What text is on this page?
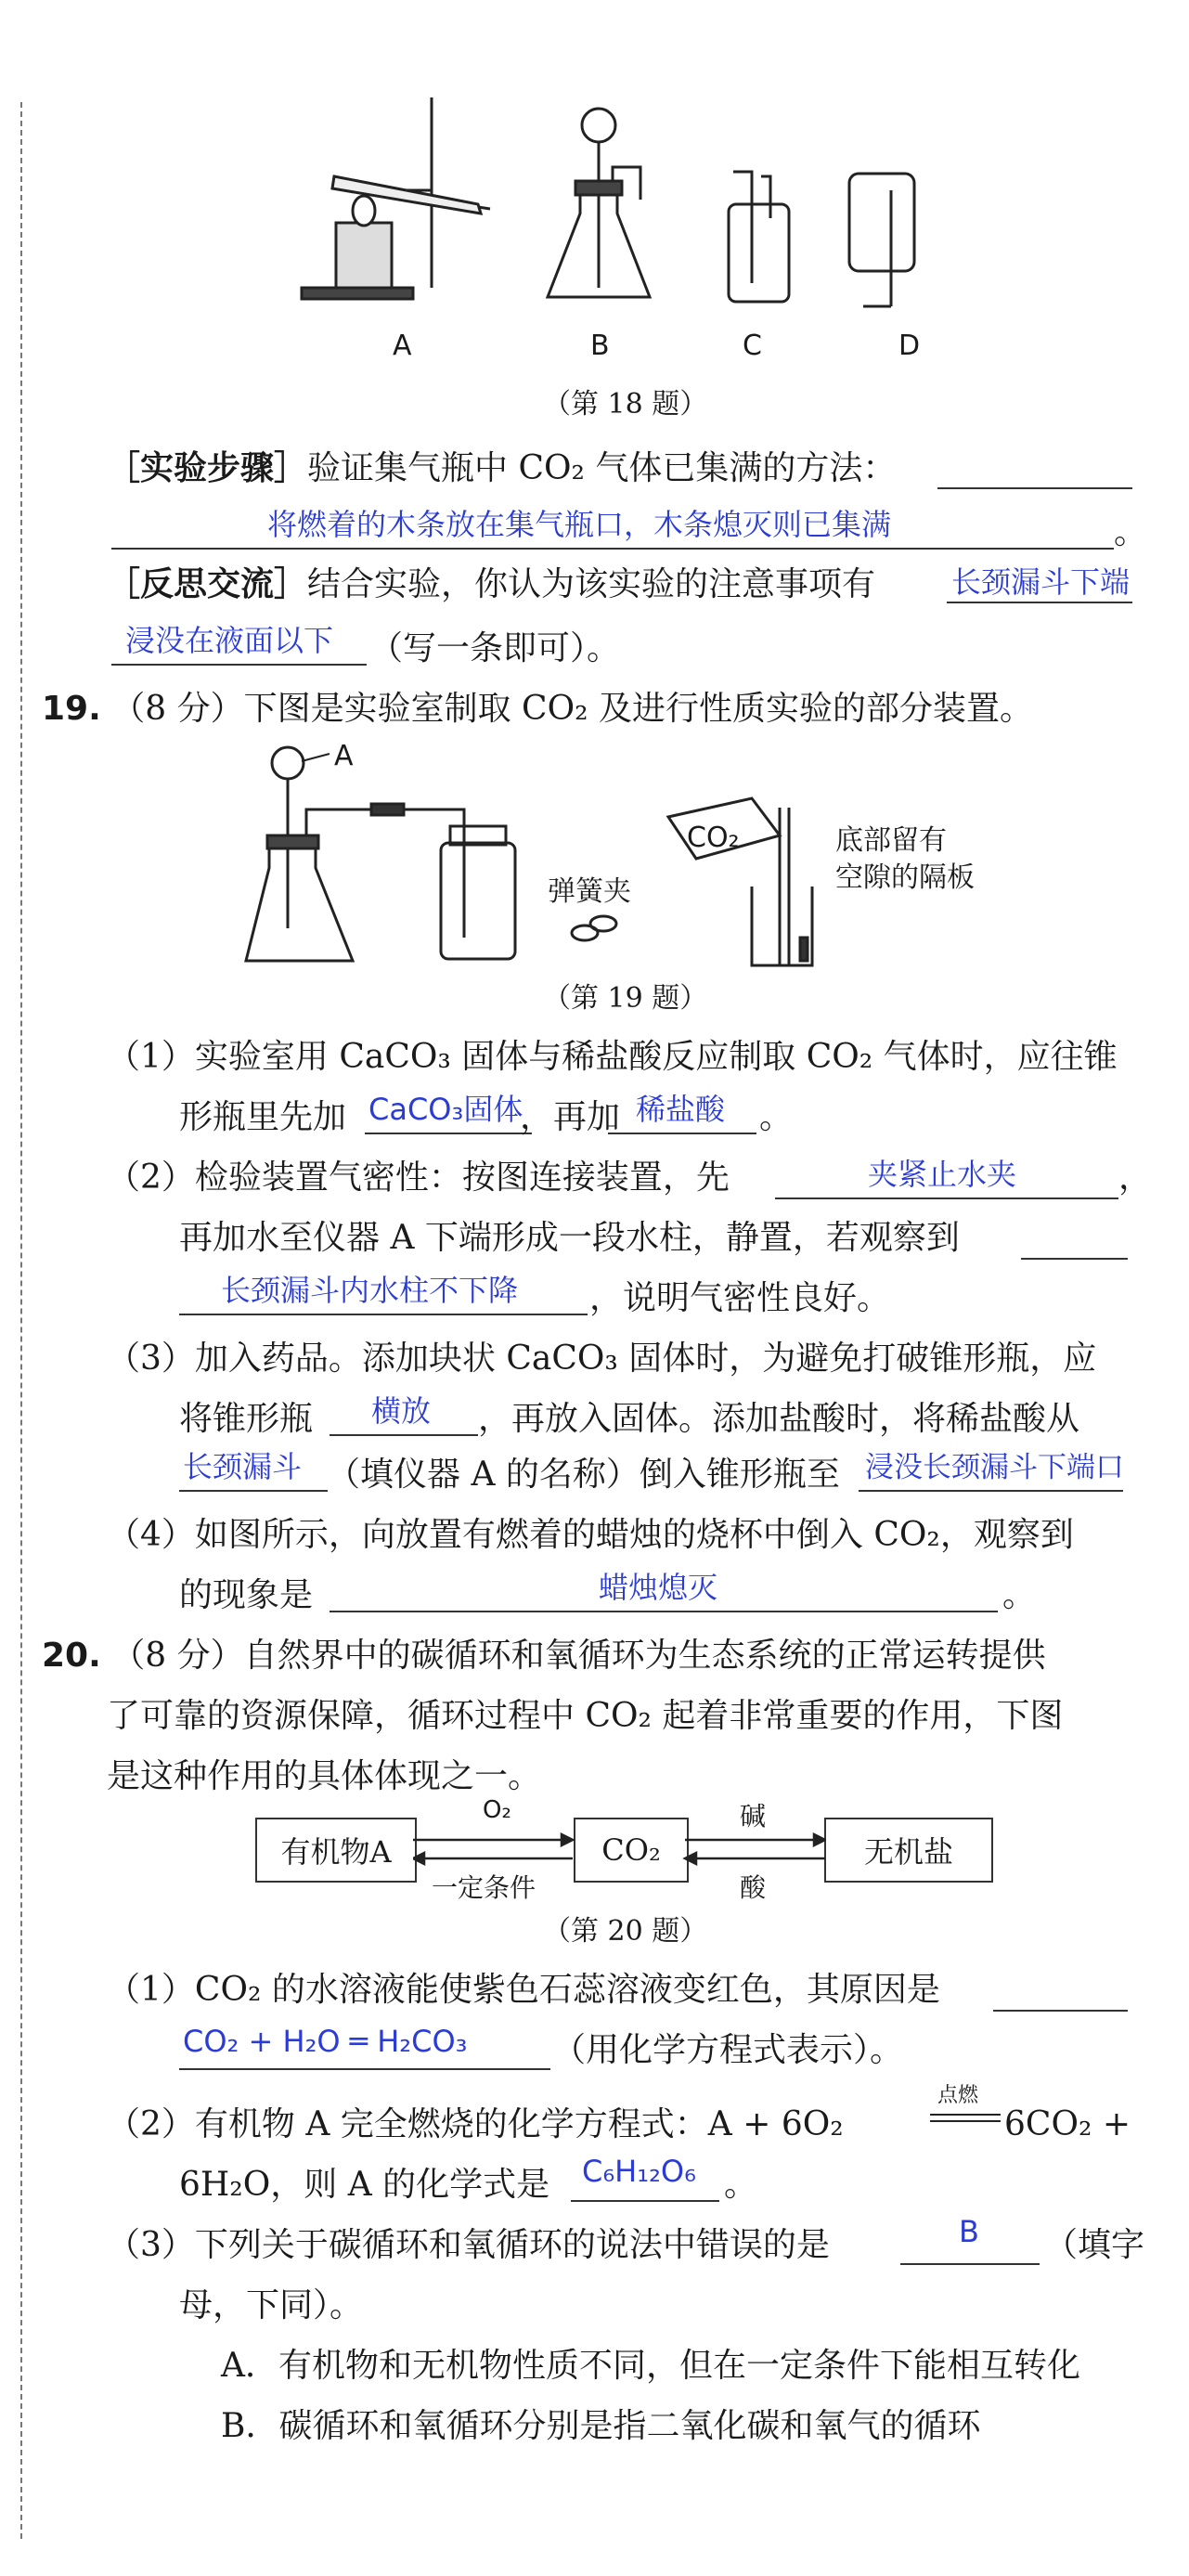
A	B	C	D
（第 18 题）
［实验步骤］验证集气瓶中 CO₂ 气体已集满的方法：
将燃着的木条放在集气瓶口，木条熄灭则已集满	。
［反思交流］结合实验，你认为该实验的注意事项有	长颈漏斗下端
浸没在液面以下 （写一条即可）。
19. （8 分）下图是实验室制取 CO₂ 及进行性质实验的部分装置。
A
CO₂
弹簧夹
底部留有
空隙的隔板
（第 19 题）
（1）实验室用 CaCO₃ 固体与稀盐酸反应制取 CO₂ 气体时，应往锥
形瓶里先加 CaCO₃固体
，再加 稀盐酸 。
（2）检验装置气密性：按图连接装置，先	夹紧止水夹	，
再加水至仪器 A 下端形成一段水柱，静置，若观察到
长颈漏斗内水柱不下降 ，说明气密性良好。
（3）加入药品。添加块状 CaCO₃ 固体时，为避免打破锥形瓶，应
将锥形瓶 横放 ，再放入固体。添加盐酸时，将稀盐酸从
长颈漏斗 （填仪器 A 的名称）倒入锥形瓶至 浸没长颈漏斗下端口
（4）如图所示，向放置有燃着的蜡烛的烧杯中倒入 CO₂，观察到
的现象是	蜡烛熄灭	。
20. （8 分）自然界中的碳循环和氧循环为生态系统的正常运转提供
了可靠的资源保障，循环过程中 CO₂ 起着非常重要的作用，下图
是这种作用的具体体现之一。
有机物A	CO₂	无机盐
O₂
一定条件
碱
酸
（第 20 题）
（1）CO₂ 的水溶液能使紫色石蕊溶液变红色，其原因是
CO₂ + H₂O ═ H₂CO₃	（用化学方程式表示）。
（2）有机物 A 完全燃烧的化学方程式：A + 6O₂
点燃
6CO₂ +
6H₂O，则 A 的化学式是 C₆H₁₂O₆ 。
（3）下列关于碳循环和氧循环的说法中错误的是	B （填字
母，下同）。
A．有机物和无机物性质不同，但在一定条件下能相互转化
B．碳循环和氧循环分别是指二氧化碳和氧气的循环
